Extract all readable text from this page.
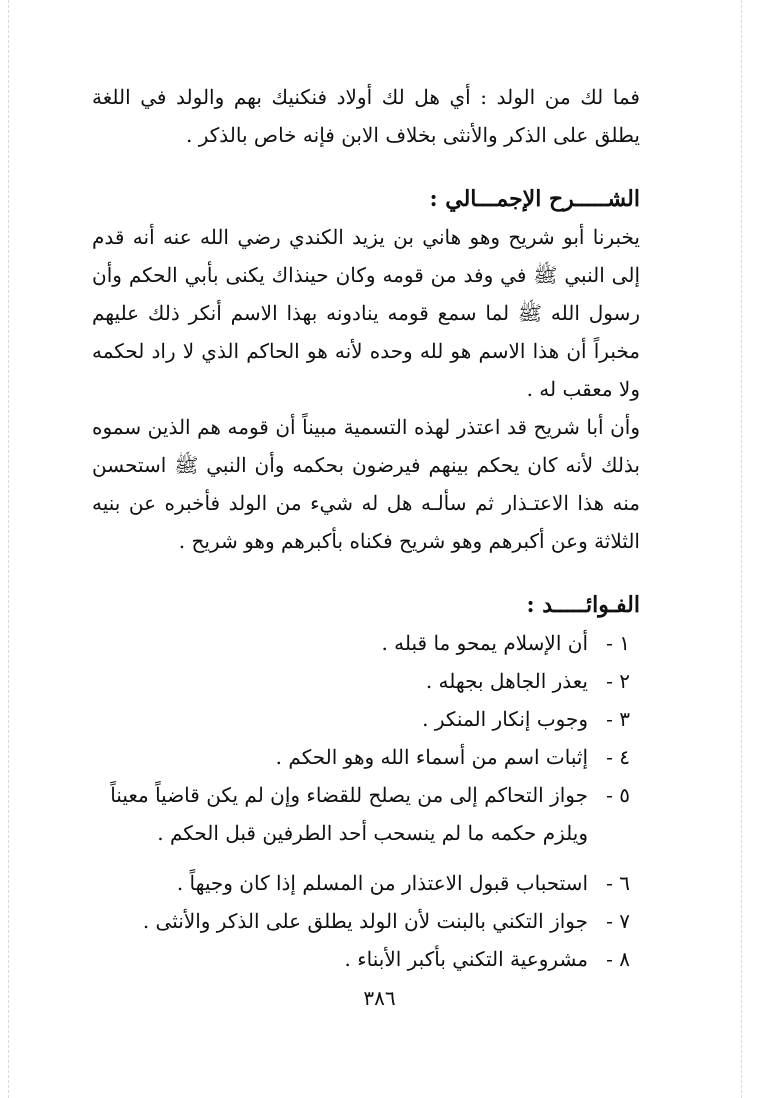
فما لك من الولد : أي هل لك أولاد فنكنيك بهم والولد في اللغة يطلق على الذكر والأنثى بخلاف الابن فإنه خاص بالذكر .

الشـــــرح الإجمـــالي :

يخبرنا أبو شريح وهو هاني بن يزيد الكندي رضي الله عنه أنه قدم إلى النبي ﷺ في وفد من قومه وكان حينذاك يكنى بأبي الحكم وأن رسول الله ﷺ لما سمع قومه ينادونه بهذا الاسم أنكر ذلك عليهم مخبراً أن هذا الاسم هو لله وحده لأنه هو الحاكم الذي لا راد لحكمه ولا معقب له .

وأن أبا شريح قد اعتذر لهذه التسمية مبيناً أن قومه هم الذين سموه بذلك لأنه كان يحكم بينهم فيرضون بحكمه وأن النبي ﷺ استحسن منه هذا الاعتـذار ثم سألـه هل له شيء من الولد فأخبره عن بنيه الثلاثة وعن أكبرهم وهو شريح فكناه بأكبرهم وهو شريح .

الفـوائـــــد :
١ -
أن الإسلام يمحو ما قبله .
٢ -
يعذر الجاهل بجهله .
٣ -
وجوب إنكار المنكر .
٤ -
إثبات اسم من أسماء الله وهو الحكم .
٥ -
جواز التحاكم إلى من يصلح للقضاء وإن لم يكن قاضياً معيناً ويلزم حكمه ما لم ينسحب أحد الطرفين قبل الحكم .
٦ -
استحباب قبول الاعتذار من المسلم إذا كان وجيهاً .
٧ -
جواز التكني بالبنت لأن الولد يطلق على الذكر والأنثى .
٨ -
مشروعية التكني بأكبر الأبناء .
٣٨٦
